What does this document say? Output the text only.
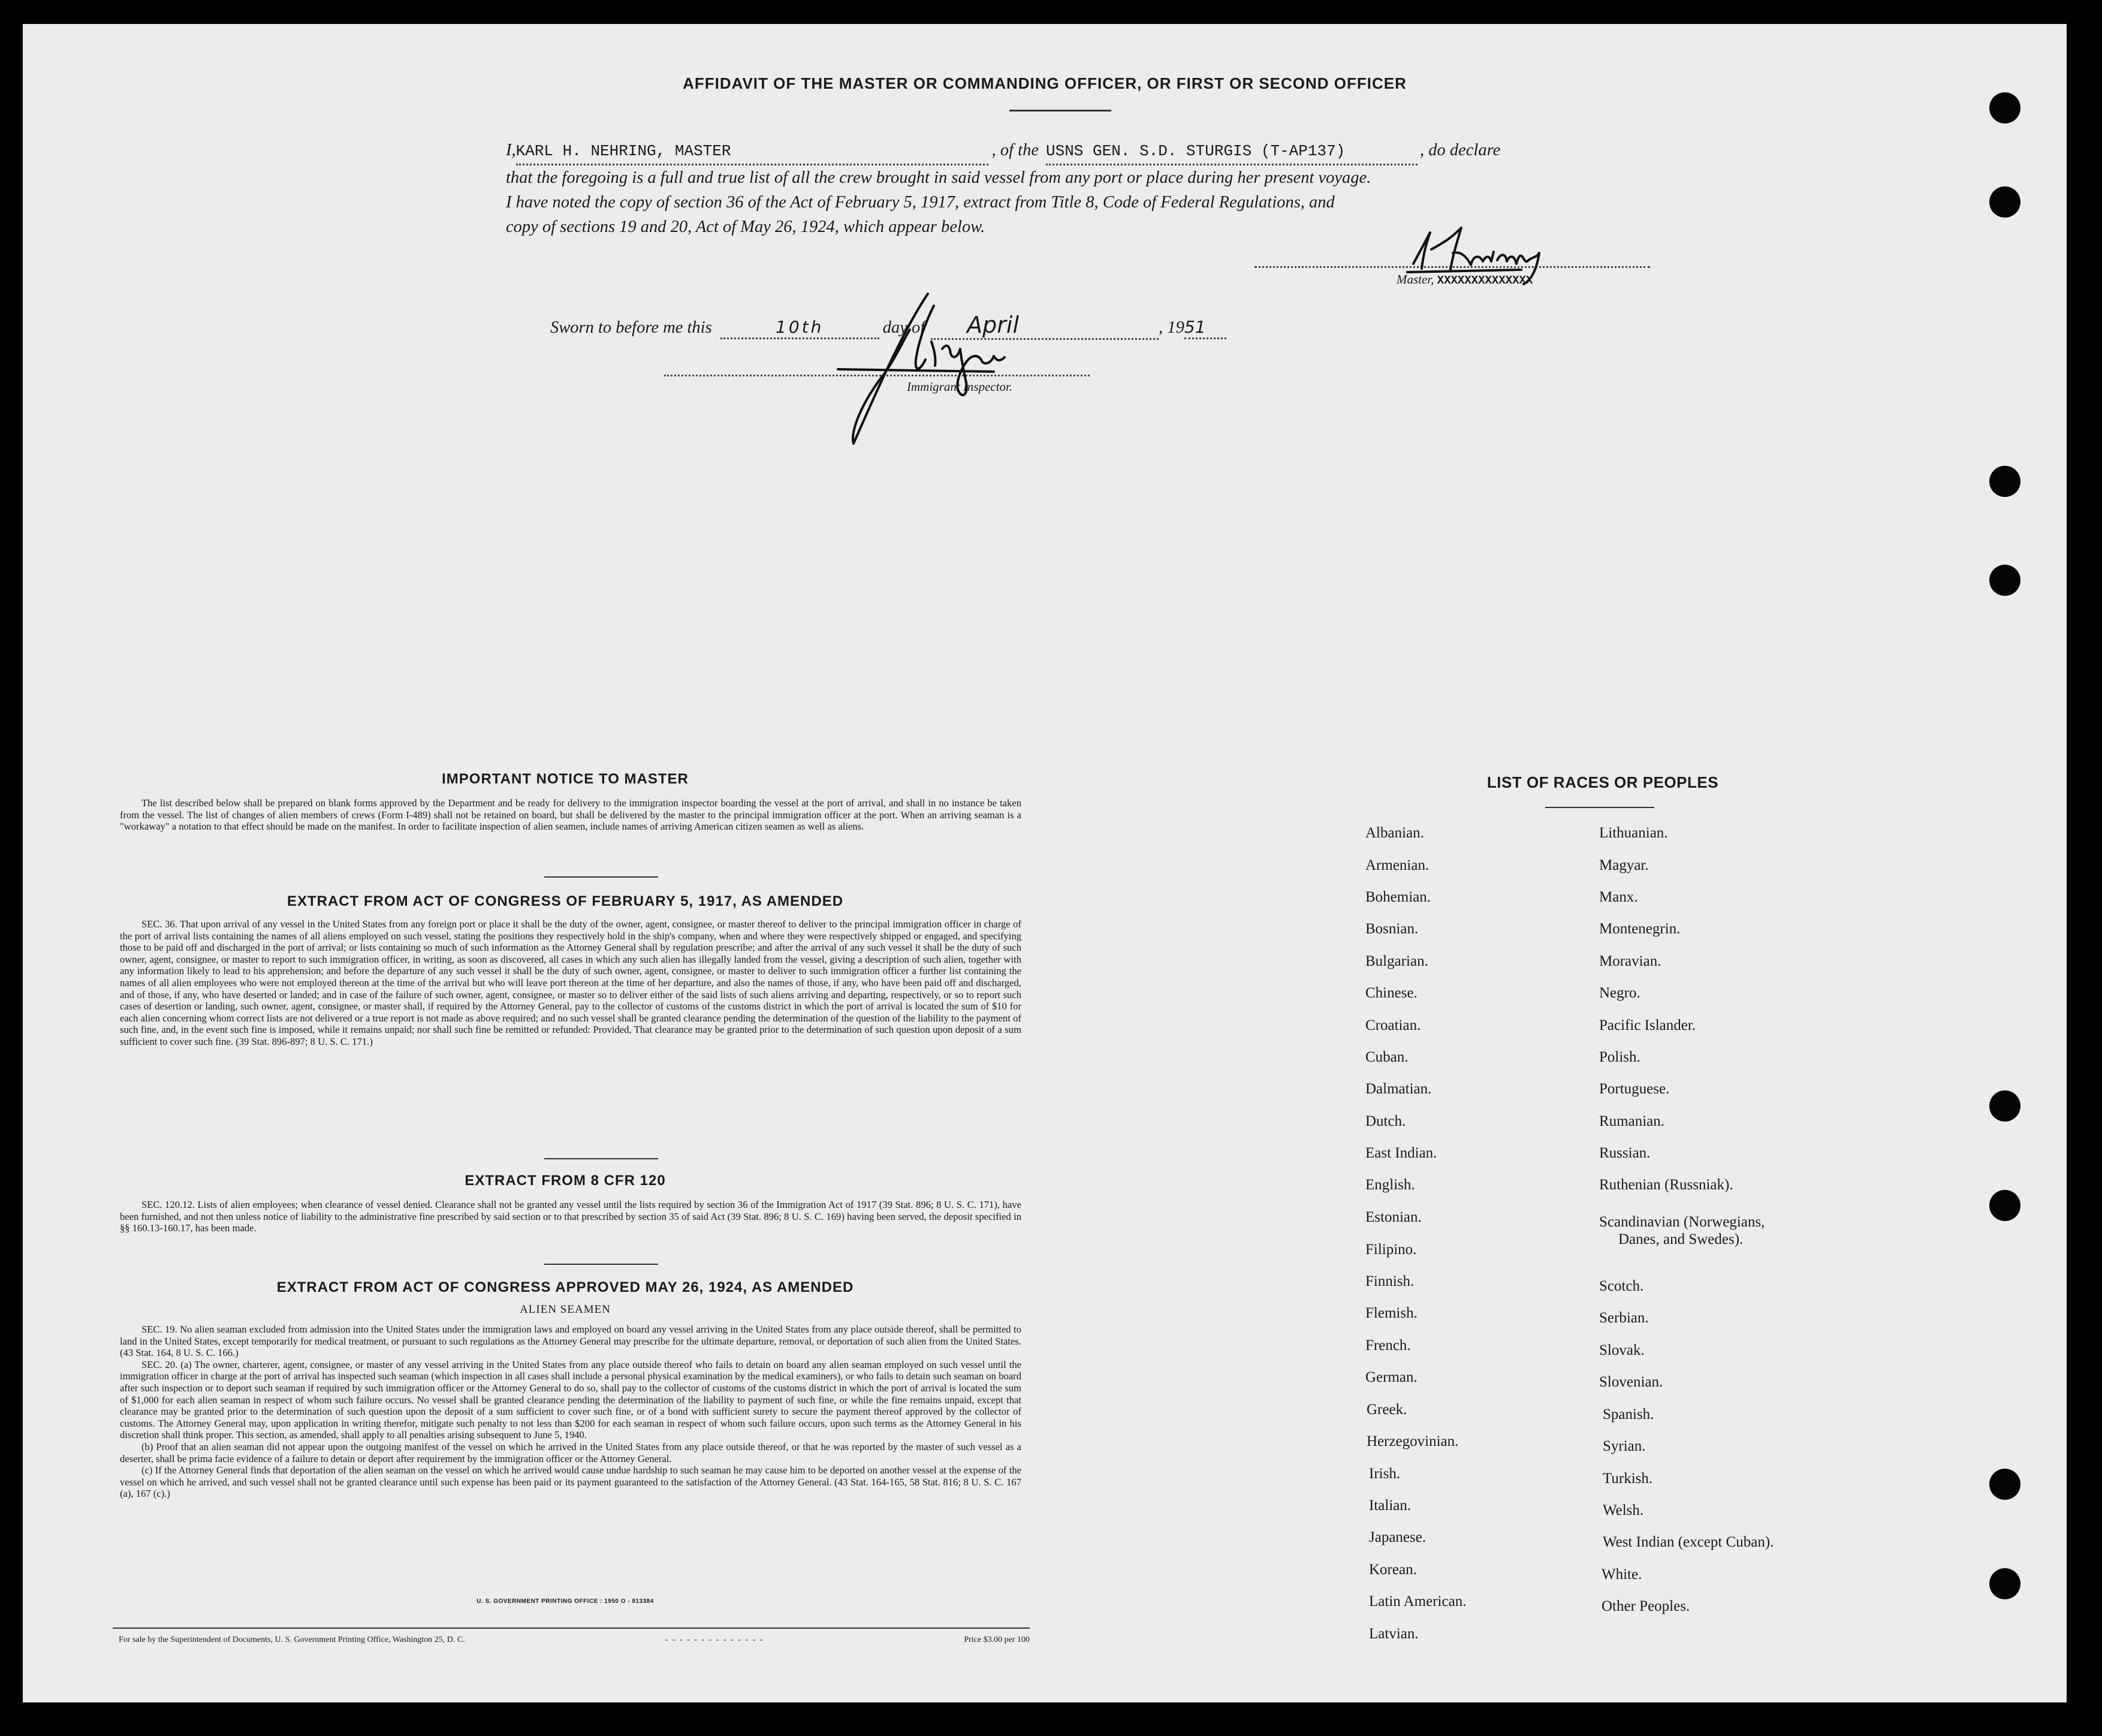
AFFIDAVIT OF THE MASTER OR COMMANDING OFFICER, OR FIRST OR SECOND OFFICER
I, KARL H. NEHRING, MASTER	, of the USNS GEN. S.D. STURGIS (T-AP137)	, do declare
that the foregoing is a full and true list of all the crew brought in said vessel from any port or place during her present voyage.
I have noted the copy of section 36 of the Act of February 5, 1917, extract from Title 8, Code of Federal Regulations, and
copy of sections 19 and 20, Act of May 26, 1924, which appear below.
Master, XXXXXXXXXXXXXX
Sworn to before me this	10th	day of	April	, 19 51
Immigrant Inspector.
IMPORTANT NOTICE TO MASTER

The list described below shall be prepared on blank forms approved by the Department and be ready for delivery to the immigration inspector boarding the vessel at the port of arrival, and shall in no instance be taken from the vessel. The list of changes of alien members of crews (Form I-489) shall not be retained on board, but shall be delivered by the master to the principal immigration officer at the port. When an arriving seaman is a "workaway" a notation to that effect should be made on the manifest. In order to facilitate inspection of alien seamen, include names of arriving American citizen seamen as well as aliens.

EXTRACT FROM ACT OF CONGRESS OF FEBRUARY 5, 1917, AS AMENDED

SEC. 36. That upon arrival of any vessel in the United States from any foreign port or place it shall be the duty of the owner, agent, consignee, or master thereof to deliver to the principal immigration officer in charge of the port of arrival lists containing the names of all aliens employed on such vessel, stating the positions they respectively hold in the ship's company, when and where they were respectively shipped or engaged, and specifying those to be paid off and discharged in the port of arrival; or lists containing so much of such information as the Attorney General shall by regulation prescribe; and after the arrival of any such vessel it shall be the duty of such owner, agent, consignee, or master to report to such immigration officer, in writing, as soon as discovered, all cases in which any such alien has illegally landed from the vessel, giving a description of such alien, together with any information likely to lead to his apprehension; and before the departure of any such vessel it shall be the duty of such owner, agent, consignee, or master to deliver to such immigration officer a further list containing the names of all alien employees who were not employed thereon at the time of the arrival but who will leave port thereon at the time of her departure, and also the names of those, if any, who have been paid off and discharged, and of those, if any, who have deserted or landed; and in case of the failure of such owner, agent, consignee, or master so to deliver either of the said lists of such aliens arriving and departing, respectively, or so to report such cases of desertion or landing, such owner, agent, consignee, or master shall, if required by the Attorney General, pay to the collector of customs of the customs district in which the port of arrival is located the sum of $10 for each alien concerning whom correct lists are not delivered or a true report is not made as above required; and no such vessel shall be granted clearance pending the determination of the question of the liability to the payment of such fine, and, in the event such fine is imposed, while it remains unpaid; nor shall such fine be remitted or refunded: Provided, That clearance may be granted prior to the determination of such question upon deposit of a sum sufficient to cover such fine. (39 Stat. 896-897; 8 U. S. C. 171.)

EXTRACT FROM 8 CFR 120

SEC. 120.12. Lists of alien employees; when clearance of vessel denied. Clearance shall not be granted any vessel until the lists required by section 36 of the Immigration Act of 1917 (39 Stat. 896; 8 U. S. C. 171), have been furnished, and not then unless notice of liability to the administrative fine prescribed by said section or to that prescribed by section 35 of said Act (39 Stat. 896; 8 U. S. C. 169) having been served, the deposit specified in §§ 160.13-160.17, has been made.

EXTRACT FROM ACT OF CONGRESS APPROVED MAY 26, 1924, AS AMENDED
ALIEN SEAMEN

SEC. 19. No alien seaman excluded from admission into the United States under the immigration laws and employed on board any vessel arriving in the United States from any place outside thereof, shall be permitted to land in the United States, except temporarily for medical treatment, or pursuant to such regulations as the Attorney General may prescribe for the ultimate departure, removal, or deportation of such alien from the United States. (43 Stat. 164, 8 U. S. C. 166.)

SEC. 20. (a) The owner, charterer, agent, consignee, or master of any vessel arriving in the United States from any place outside thereof who fails to detain on board any alien seaman employed on such vessel until the immigration officer in charge at the port of arrival has inspected such seaman (which inspection in all cases shall include a personal physical examination by the medical examiners), or who fails to detain such seaman on board after such inspection or to deport such seaman if required by such immigration officer or the Attorney General to do so, shall pay to the collector of customs of the customs district in which the port of arrival is located the sum of $1,000 for each alien seaman in respect of whom such failure occurs. No vessel shall be granted clearance pending the determination of the liability to payment of such fine, or while the fine remains unpaid, except that clearance may be granted prior to the determination of such question upon the deposit of a sum sufficient to cover such fine, or of a bond with sufficient surety to secure the payment thereof approved by the collector of customs. The Attorney General may, upon application in writing therefor, mitigate such penalty to not less than $200 for each seaman in respect of whom such failure occurs, upon such terms as the Attorney General in his discretion shall think proper. This section, as amended, shall apply to all penalties arising subsequent to June 5, 1940.

(b) Proof that an alien seaman did not appear upon the outgoing manifest of the vessel on which he arrived in the United States from any place outside thereof, or that he was reported by the master of such vessel as a deserter, shall be prima facie evidence of a failure to detain or deport after requirement by the immigration officer or the Attorney General.

(c) If the Attorney General finds that deportation of the alien seaman on the vessel on which he arrived would cause undue hardship to such seaman he may cause him to be deported on another vessel at the expense of the vessel on which he arrived, and such vessel shall not be granted clearance until such expense has been paid or its payment guaranteed to the satisfaction of the Attorney General. (43 Stat. 164-165, 58 Stat. 816; 8 U. S. C. 167 (a), 167 (c).)

U. S. GOVERNMENT PRINTING OFFICE : 1950 O - 813384
For sale by the Superintendent of Documents, U. S. Government Printing Office, Washington 25, D. C.	- - - - - - - - - - - - - -	Price $3.00 per 100
LIST OF RACES OR PEOPLES
Albanian.
Armenian.
Bohemian.
Bosnian.
Bulgarian.
Chinese.
Croatian.
Cuban.
Dalmatian.
Dutch.
East Indian.
English.
Estonian.
Filipino.
Finnish.
Flemish.
French.
German.
Greek.
Herzegovinian.
Irish.
Italian.
Japanese.
Korean.
Latin American.
Latvian.
Lithuanian.
Magyar.
Manx.
Montenegrin.
Moravian.
Negro.
Pacific Islander.
Polish.
Portuguese.
Rumanian.
Russian.
Ruthenian (Russniak).
Scandinavian (Norwegians,
Danes, and Swedes).
Scotch.
Serbian.
Slovak.
Slovenian.
Spanish.
Syrian.
Turkish.
Welsh.
West Indian (except Cuban).
White.
Other Peoples.
